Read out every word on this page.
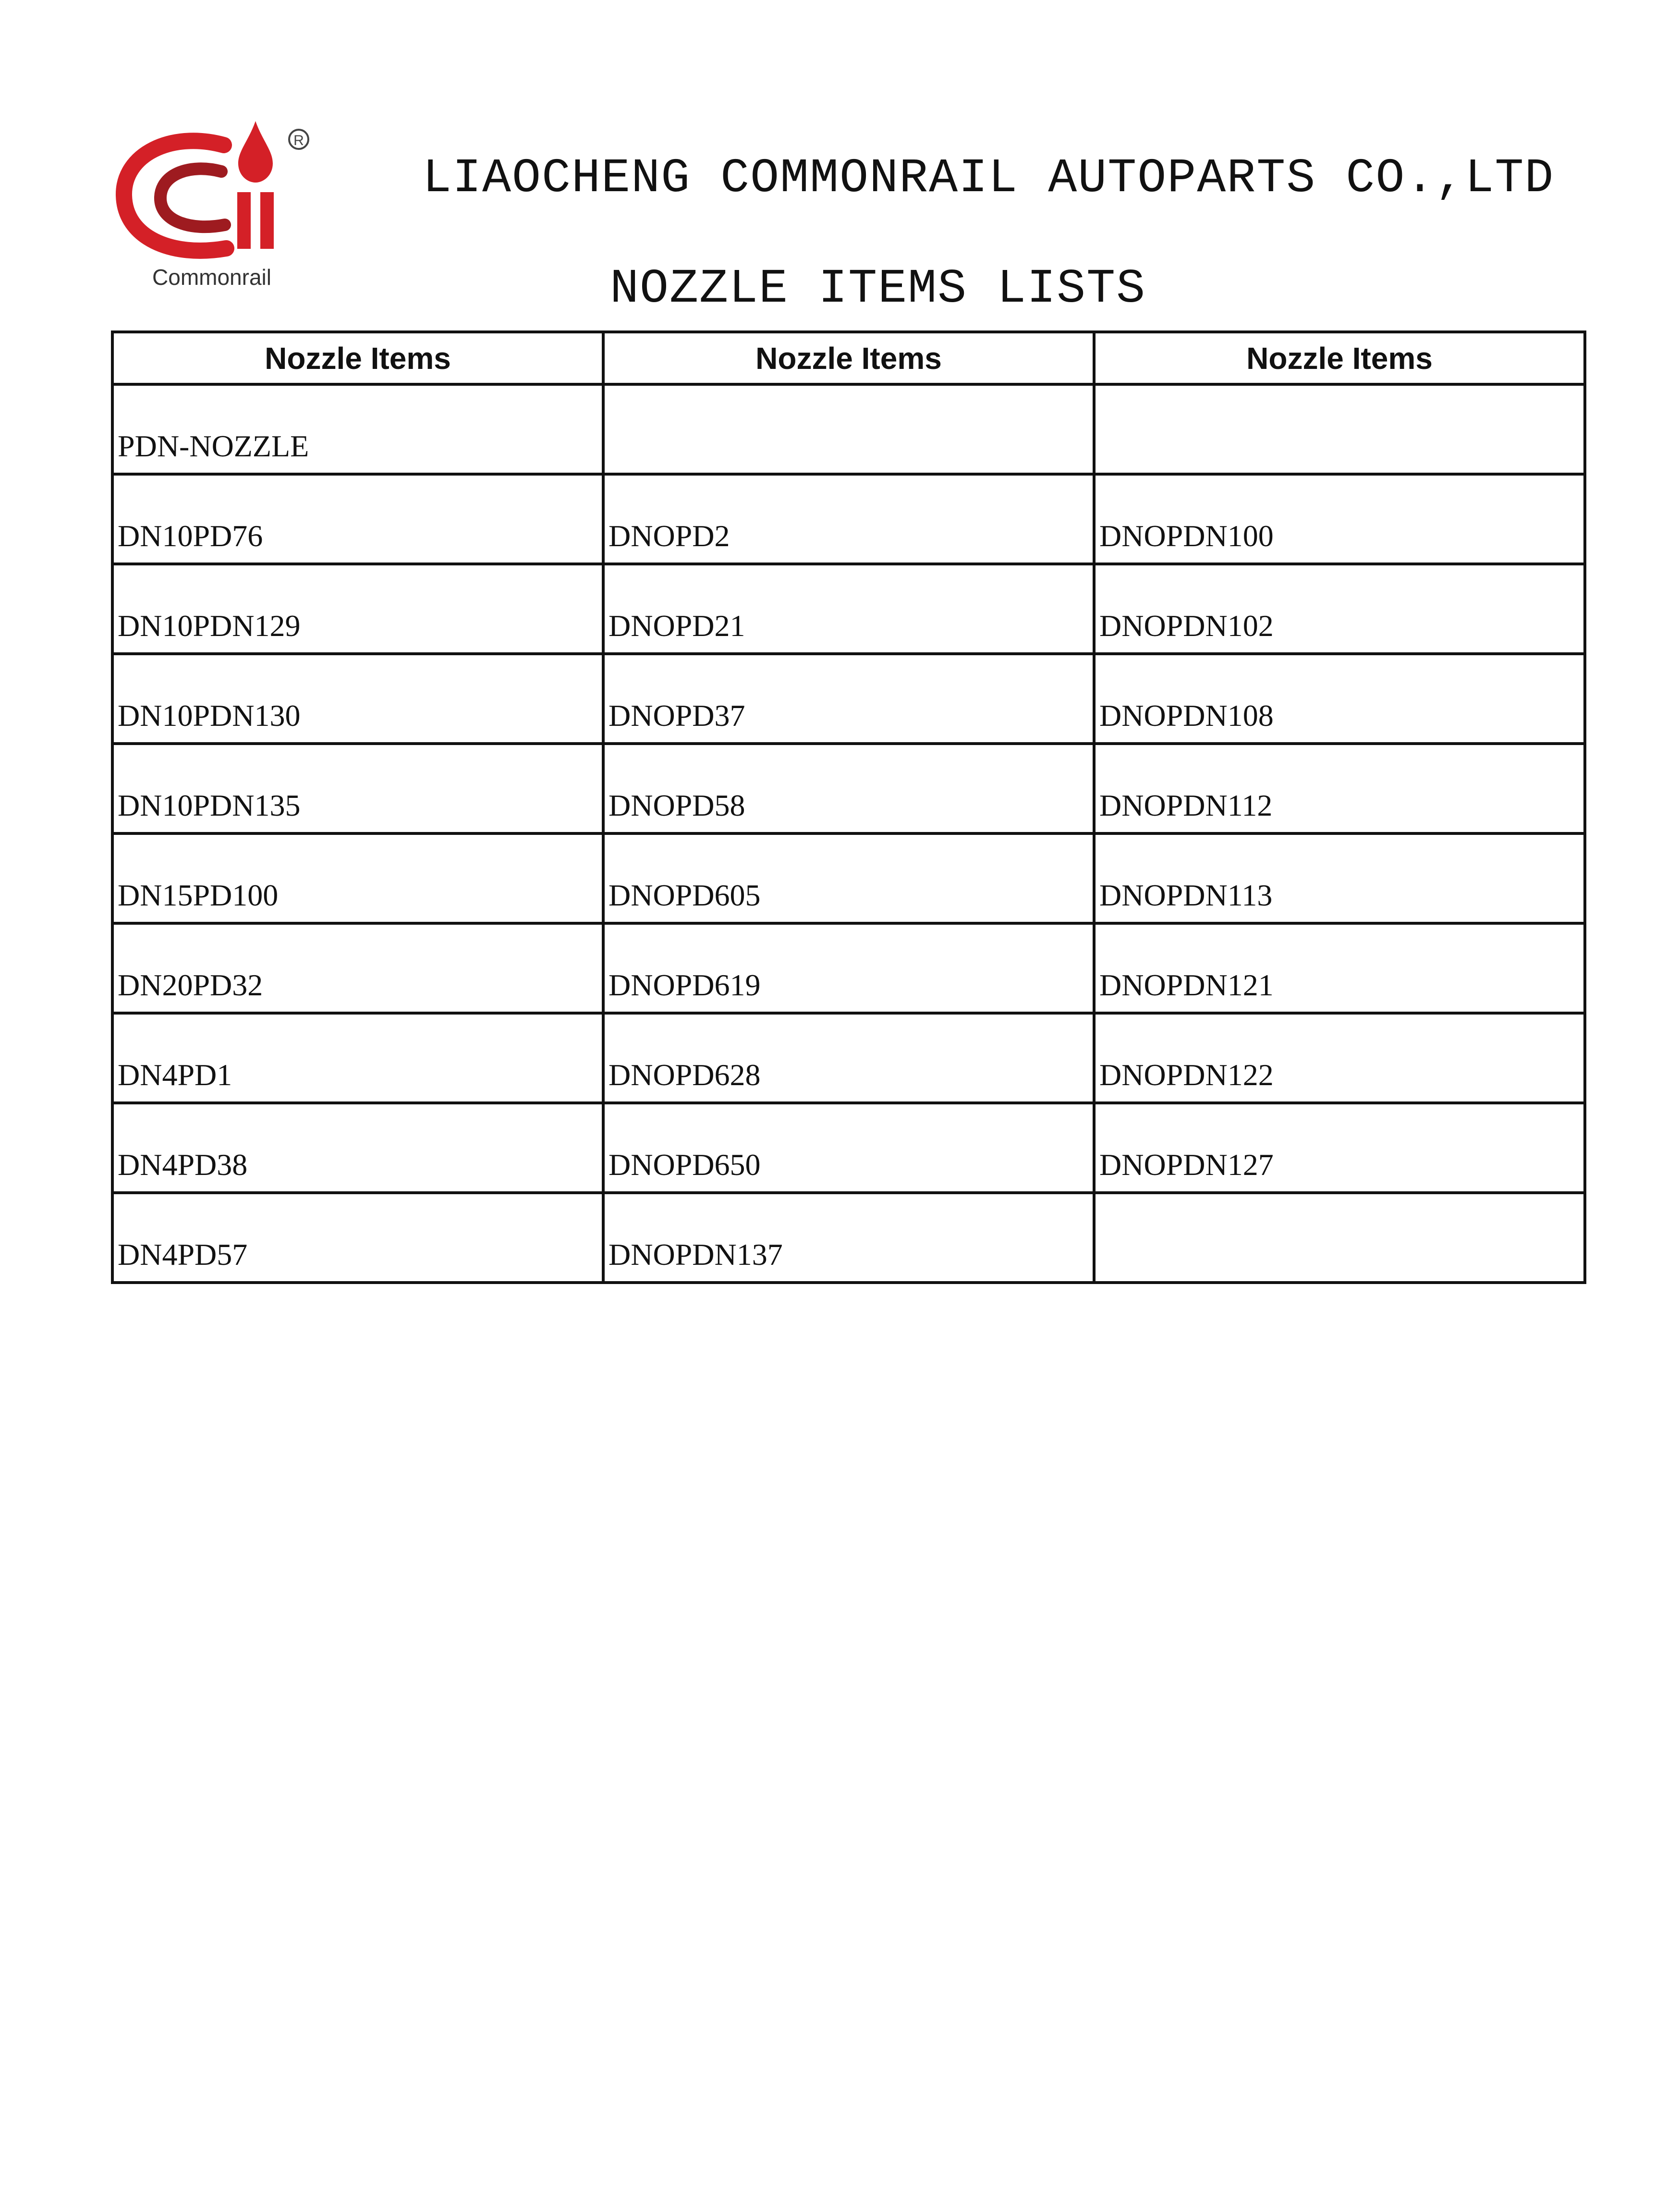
R
Commonrail
LIAOCHENG COMMONRAIL AUTOPARTS CO.,LTD
NOZZLE ITEMS LISTS
Nozzle Items	Nozzle Items	Nozzle Items
PDN-NOZZLE		
DN10PD76	DNOPD2	DNOPDN100
DN10PDN129	DNOPD21	DNOPDN102
DN10PDN130	DNOPD37	DNOPDN108
DN10PDN135	DNOPD58	DNOPDN112
DN15PD100	DNOPD605	DNOPDN113
DN20PD32	DNOPD619	DNOPDN121
DN4PD1	DNOPD628	DNOPDN122
DN4PD38	DNOPD650	DNOPDN127
DN4PD57	DNOPDN137	
